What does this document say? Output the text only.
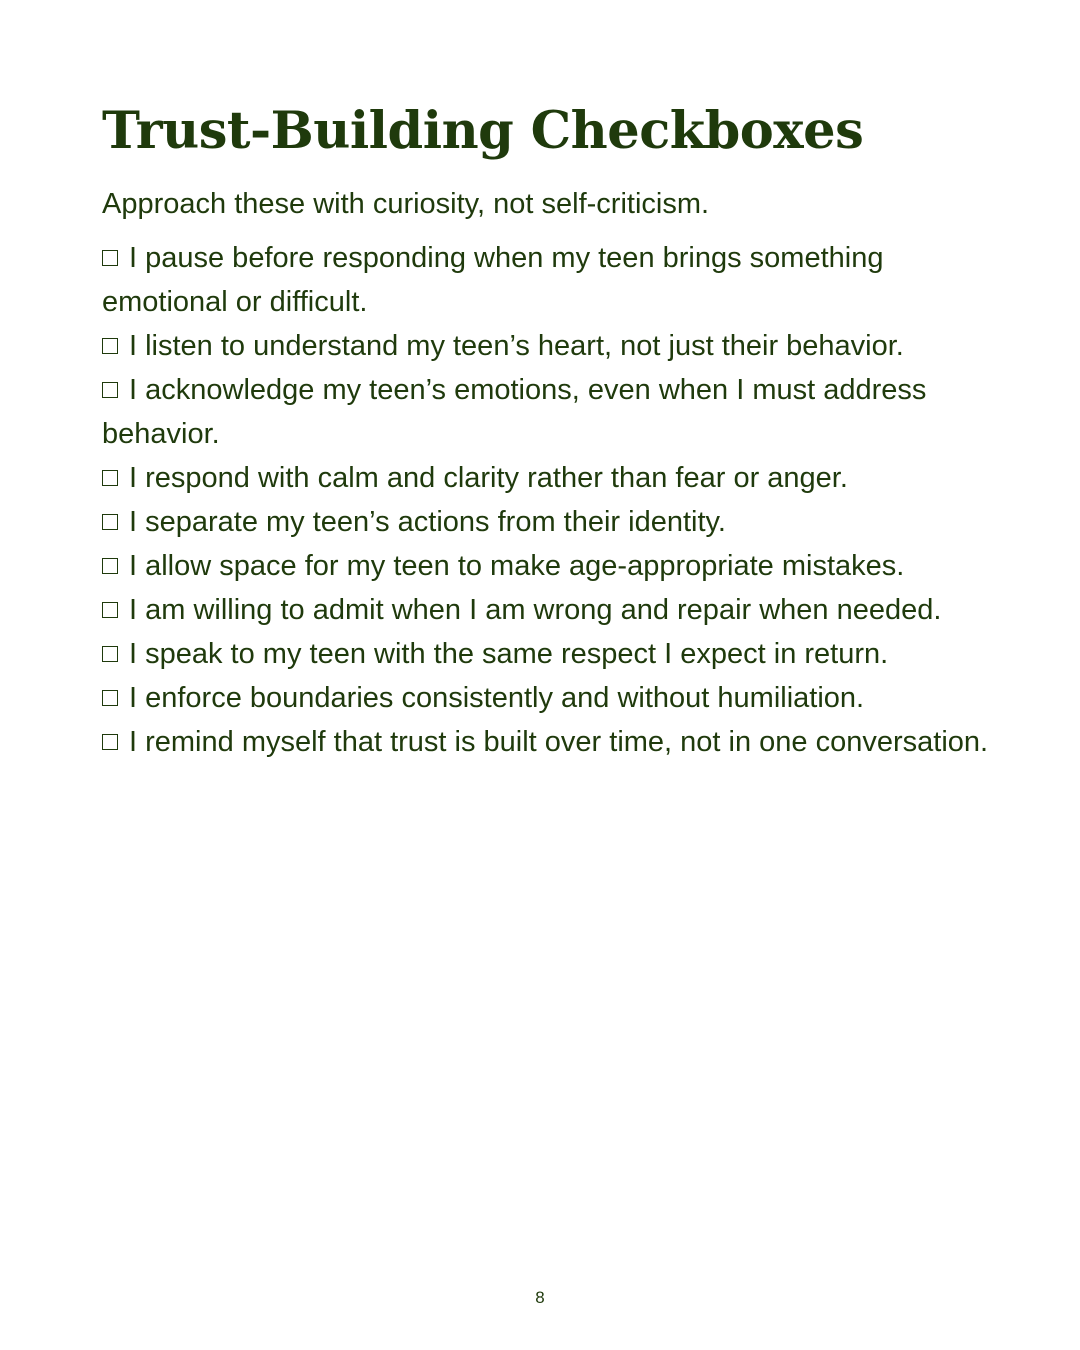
Trust-Building Checkboxes

Approach these with curiosity, not self-criticism.

I pause before responding when my teen brings something emotional or difficult.
I listen to understand my teen’s heart, not just their behavior.
I acknowledge my teen’s emotions, even when I must address behavior.
I respond with calm and clarity rather than fear or anger.
I separate my teen’s actions from their identity.
I allow space for my teen to make age-appropriate mistakes.
I am willing to admit when I am wrong and repair when needed.
I speak to my teen with the same respect I expect in return.
I enforce boundaries consistently and without humiliation.
I remind myself that trust is built over time, not in one conversation.
8
